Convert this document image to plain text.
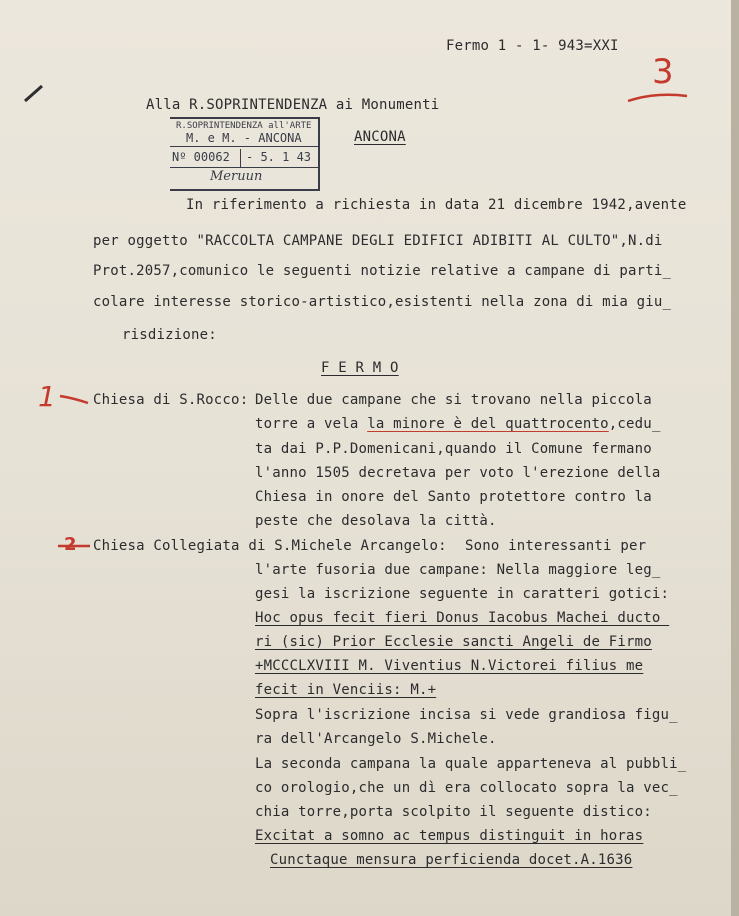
Fermo 1 - 1- 943=XXI
3
Alla R.SOPRINTENDENZA ai Monumenti
ANCONA
R.SOPRINTENDENZA all'ARTE
M. e M. - ANCONA
Nº 00062 - 5. 1 43
Meruun
In riferimento a richiesta in data 21 dicembre 1942,avente
per oggetto "RACCOLTA CAMPANE DEGLI EDIFICI ADIBITI AL CULTO",N.di
Prot.2057,comunico le seguenti notizie relative a campane di parti_
colare interesse storico-artistico,esistenti nella zona di mia giu_
risdizione:
F E R M O
1
2
Chiesa di S.Rocco: Delle due campane che si trovano nella piccola
torre a vela la minore è del quattrocento,cedu_
ta dai P.P.Domenicani,quando il Comune fermano
l'anno 1505 decretava per voto l'erezione della
Chiesa in onore del Santo protettore contro la
peste che desolava la città.
Chiesa Collegiata di S.Michele Arcangelo: Sono interessanti per
l'arte fusoria due campane: Nella maggiore leg_
gesi la iscrizione seguente in caratteri gotici:
Hoc opus fecit fieri Donus Iacobus Machei ducto_
ri (sic) Prior Ecclesie sancti Angeli de Firmo
+MCCCLXVIII M. Viventius N.Victorei filius me
fecit in Venciis: M.+
Sopra l'iscrizione incisa si vede grandiosa figu_
ra dell'Arcangelo S.Michele.
La seconda campana la quale apparteneva al pubbli_
co orologio,che un dì era collocato sopra la vec_
chia torre,porta scolpito il seguente distico:
Excitat a somno ac tempus distinguit in horas
Cunctaque mensura perficienda docet.A.1636
